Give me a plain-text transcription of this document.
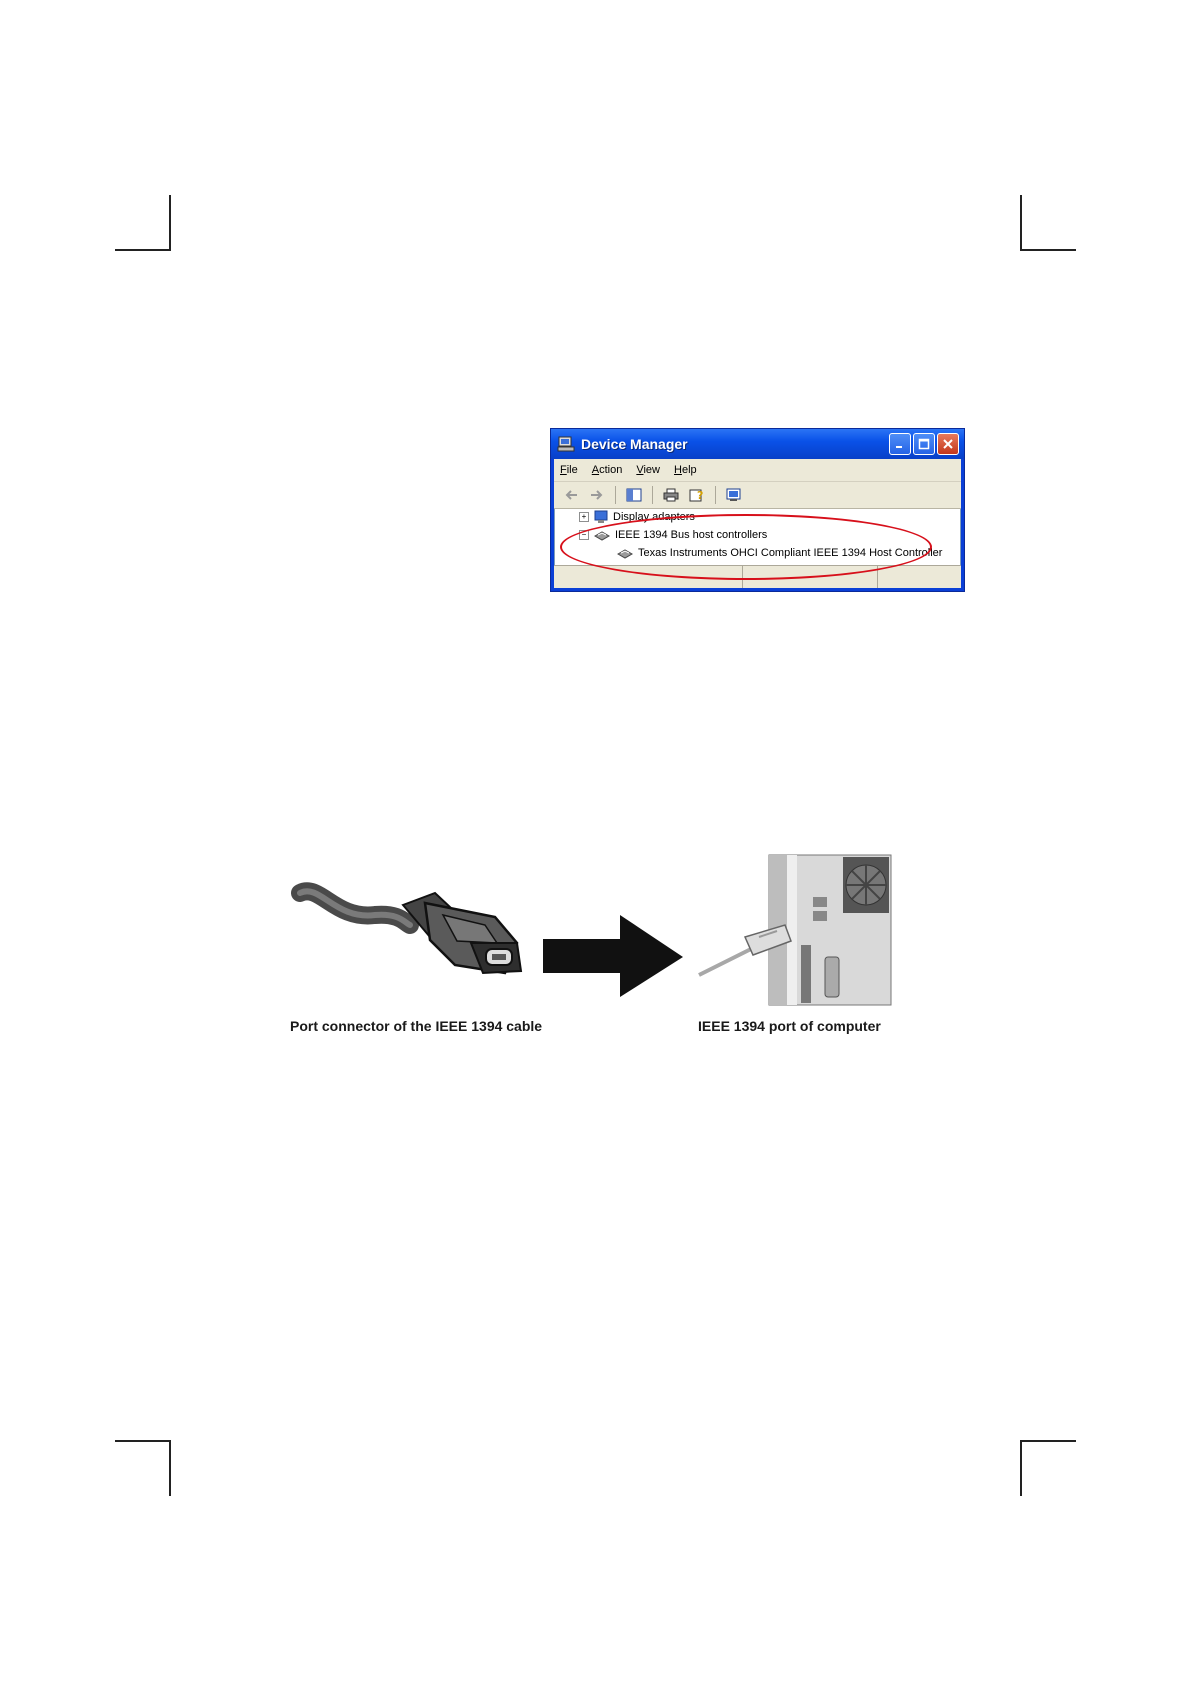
Device Manager
File Action View Help
?
+ Display adapters
−	IEEE 1394 Bus host controllers
Texas Instruments OHCI Compliant IEEE 1394 Host Controller
Port connector of the IEEE 1394 cable	IEEE 1394 port of computer
